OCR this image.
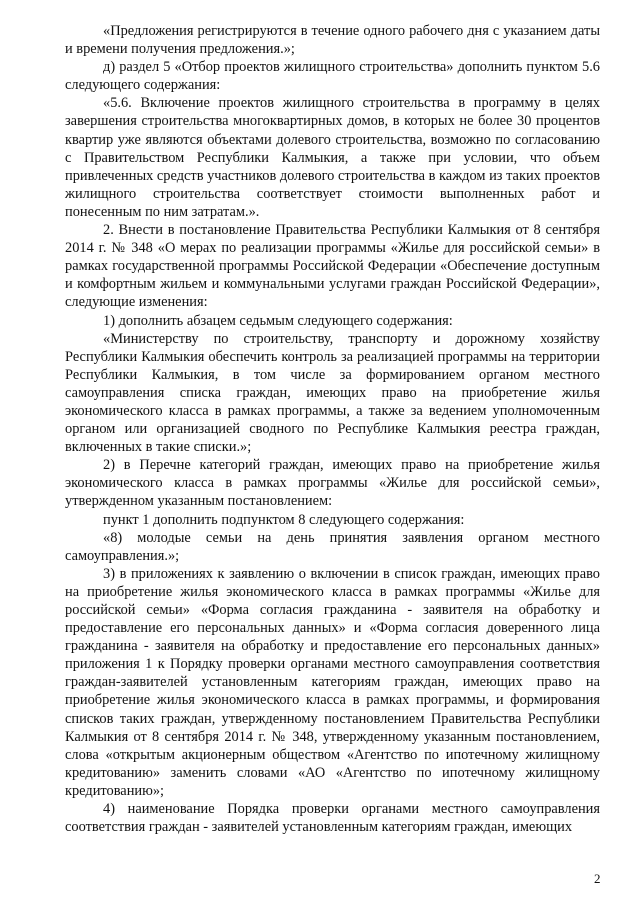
«Предложения регистрируются в течение одного рабочего дня с указанием даты и времени получения предложения.»;

д) раздел 5 «Отбор проектов жилищного строительства» дополнить пунктом 5.6 следующего содержания:

«5.6. Включение проектов жилищного строительства в программу в целях завершения строительства многоквартирных домов, в которых не более 30 процентов квартир уже являются объектами долевого строительства, возможно по согласованию с Правительством Республики Калмыкия, а также при условии, что объем привлеченных средств участников долевого строительства в каждом из таких проектов жилищного строительства соответствует стоимости выполненных работ и понесенным по ним затратам.».

2. Внести в постановление Правительства Республики Калмыкия от 8 сентября 2014 г. № 348 «О мерах по реализации программы «Жилье для российской семьи» в рамках государственной программы Российской Федерации «Обеспечение доступным и комфортным жильем и коммунальными услугами граждан Российской Федерации», следующие изменения:

1) дополнить абзацем седьмым следующего содержания:

«Министерству по строительству, транспорту и дорожному хозяйству Республики Калмыкия обеспечить контроль за реализацией программы на территории Республики Калмыкия, в том числе за формированием органом местного самоуправления списка граждан, имеющих право на приобретение жилья экономического класса в рамках программы, а также за ведением уполномоченным органом или организацией сводного по Республике Калмыкия реестра граждан, включенных в такие списки.»;

2) в Перечне категорий граждан, имеющих право на приобретение жилья экономического класса в рамках программы «Жилье для российской семьи», утвержденном указанным постановлением:

пункт 1 дополнить подпунктом 8 следующего содержания:

«8) молодые семьи на день принятия заявления органом местного самоуправления.»;

3) в приложениях к заявлению о включении в список граждан, имеющих право на приобретение жилья экономического класса в рамках программы «Жилье для российской семьи» «Форма согласия гражданина - заявителя на обработку и предоставление его персональных данных» и «Форма согласия доверенного лица гражданина - заявителя на обработку и предоставление его персональных данных» приложения 1 к Порядку проверки органами местного самоуправления соответствия граждан-заявителей установленным категориям граждан, имеющих право на приобретение жилья экономического класса в рамках программы, и формирования списков таких граждан, утвержденному постановлением Правительства Республики Калмыкия от 8 сентября 2014 г. № 348, утвержденному указанным постановлением, слова «открытым акционерным обществом «Агентство по ипотечному жилищному кредитованию» заменить словами «АО «Агентство по ипотечному жилищному кредитованию»;

4) наименование Порядка проверки органами местного самоуправления соответствия граждан - заявителей установленным категориям граждан, имеющих

2
